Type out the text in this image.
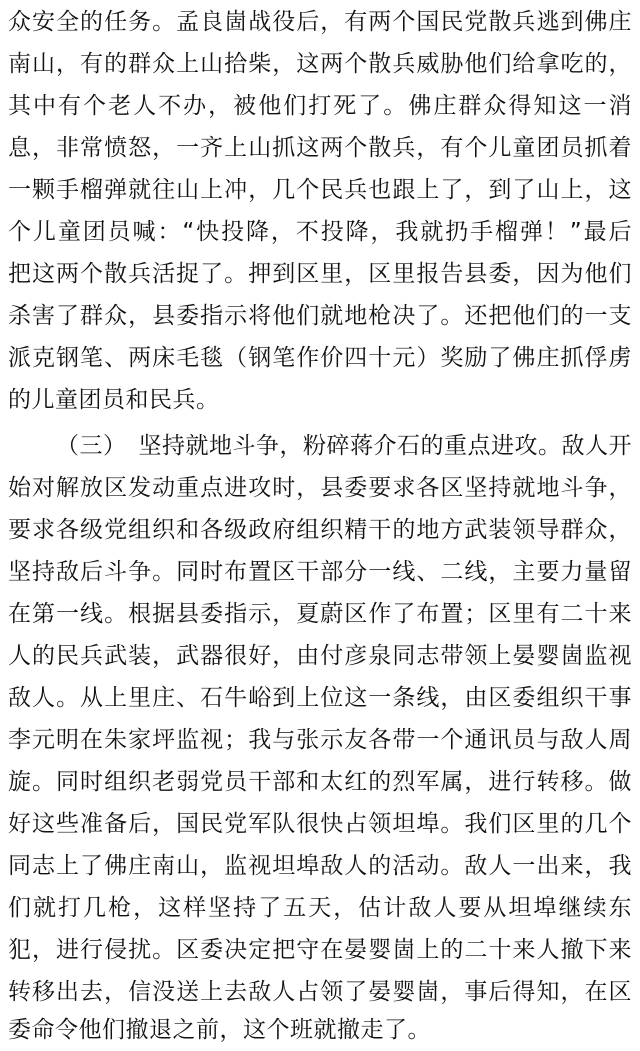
众安全的任务。孟良崮战役后，有两个国民党散兵逃到佛庄
南山，有的群众上山拾柴，这两个散兵威胁他们给拿吃的，
其中有个老人不办，被他们打死了。佛庄群众得知这一消
息，非常愤怒，一齐上山抓这两个散兵，有个儿童团员抓着
一颗手榴弹就往山上冲，几个民兵也跟上了，到了山上，这
个儿童团员喊：“快投降，不投降，我就扔手榴弹！”最后
把这两个散兵活捉了。押到区里，区里报告县委，因为他们
杀害了群众，县委指示将他们就地枪决了。还把他们的一支
派克钢笔、两床毛毯（钢笔作价四十元）奖励了佛庄抓俘虏
的儿童团员和民兵。
（三）　坚持就地斗争，粉碎蒋介石的重点进攻。敌人开
始对解放区发动重点进攻时，县委要求各区坚持就地斗争，
要求各级党组织和各级政府组织精干的地方武装领导群众，
坚持敌后斗争。同时布置区干部分一线、二线，主要力量留
在第一线。根据县委指示，夏蔚区作了布置；区里有二十来
人的民兵武装，武器很好，由付彦泉同志带领上晏婴崮监视
敌人。从上里庄、石牛峪到上位这一条线，由区委组织干事
李元明在朱家坪监视；我与张示友各带一个通讯员与敌人周
旋。同时组织老弱党员干部和太红的烈军属，进行转移。做
好这些准备后，国民党军队很快占领坦埠。我们区里的几个
同志上了佛庄南山，监视坦埠敌人的活动。敌人一出来，我
们就打几枪，这样坚持了五天，估计敌人要从坦埠继续东
犯，进行侵扰。区委决定把守在晏婴崮上的二十来人撤下来
转移出去，信没送上去敌人占领了晏婴崮，事后得知，在区
委命令他们撤退之前，这个班就撤走了。
